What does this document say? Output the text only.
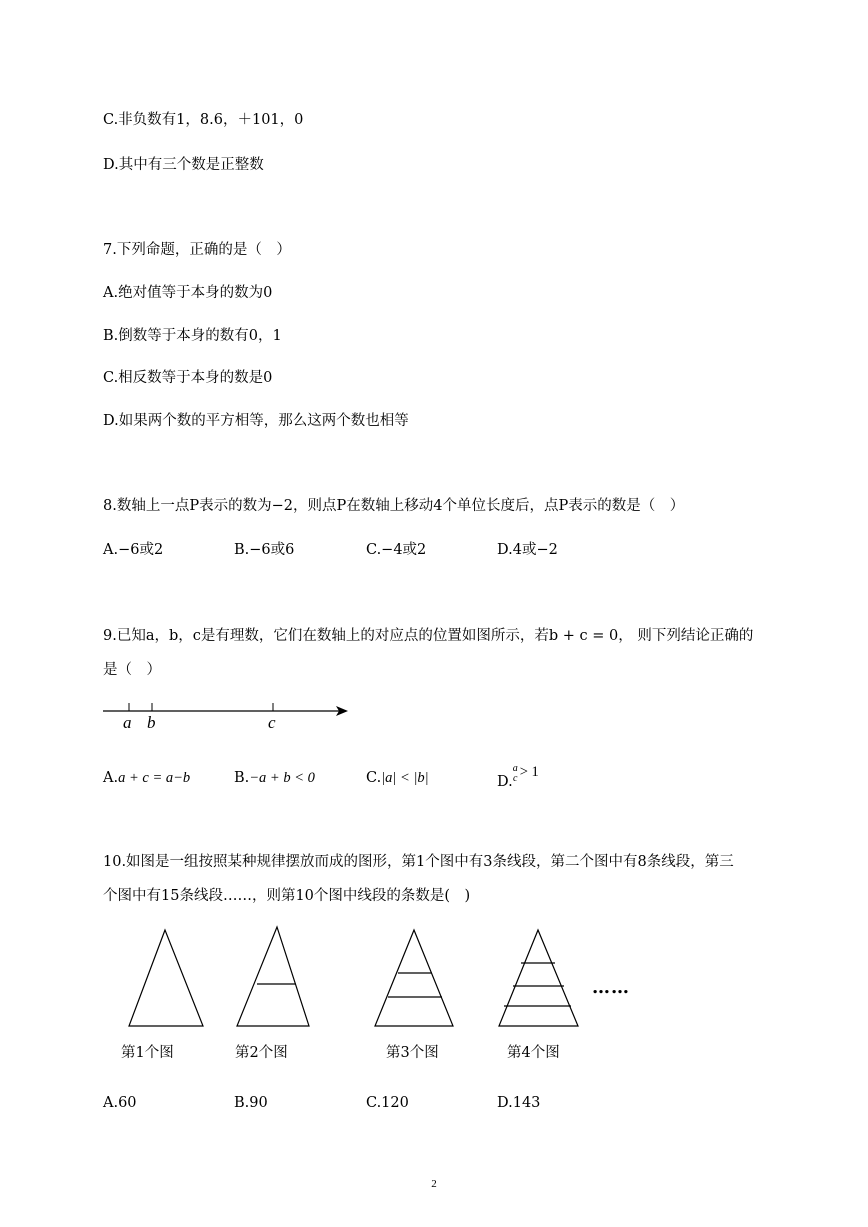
C.非负数有1，8.6，＋101，0
D.其中有三个数是正整数
7.下列命题，正确的是（　）
A.绝对值等于本身的数为0
B.倒数等于本身的数有0，1
C.相反数等于本身的数是0
D.如果两个数的平方相等，那么这两个数也相等
8.数轴上一点P表示的数为−2，则点P在数轴上移动4个单位长度后，点P表示的数是（　）
A.−6或2	B.−6或6	C.−4或2	D.4或−2
9.已知a，b，c是有理数，它们在数轴上的对应点的位置如图所示，若b + c = 0， 则下列结论正确的
是（　）
a b	c
A.a + c = a−b	B.−a + b < 0	C.|a| < |b|	D.
a
c > 1
10.如图是一组按照某种规律摆放而成的图形，第1个图中有3条线段，第二个图中有8条线段，第三
个图中有15条线段……，则第10个图中线段的条数是(　)
……
第1个图	第2个图	第3个图	第4个图
A.60	B.90	C.120	D.143
2
